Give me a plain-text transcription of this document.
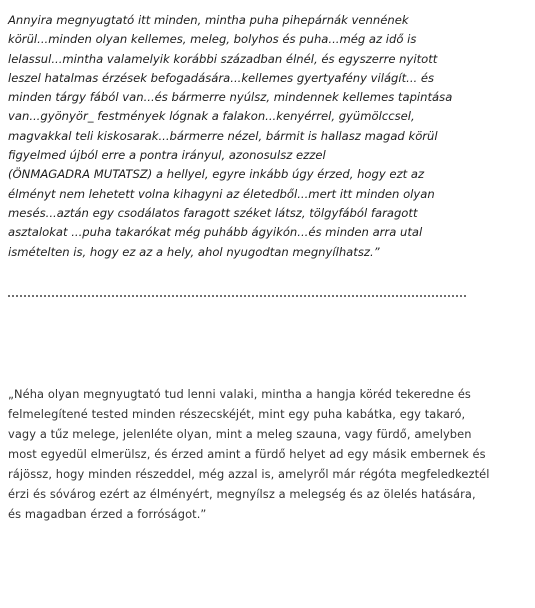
Annyira megnyugtató itt minden, mintha puha pihepárnák vennének
körül...minden olyan kellemes, meleg, bolyhos és puha...még az idő is
lelassul...mintha valamelyik korábbi században élnél, és egyszerre nyitott
leszel hatalmas érzések befogadására...kellemes gyertyafény világít... és
minden tárgy fából van...és bármerre nyúlsz, mindennek kellemes tapintása
van...gyönyör_ festmények lógnak a falakon...kenyérrel, gyümölccsel,
magvakkal teli kiskosarak...bármerre nézel, bármit is hallasz magad körül
figyelmed újból erre a pontra irányul, azonosulsz ezzel
(ÖNMAGADRA MUTATSZ) a hellyel, egyre inkább úgy érzed, hogy ezt az
élményt nem lehetett volna kihagyni az életedből...mert itt minden olyan
mesés...aztán egy csodálatos faragott széket látsz, tölgyfából faragott
asztalokat ...puha takarókat még puhább ágyikón...és minden arra utal
ismételten is, hogy ez az a hely, ahol nyugodtan megnyílhatsz.”
„Néha olyan megnyugtató tud lenni valaki, mintha a hangja köréd tekeredne és
felmelegítené tested minden részecskéjét, mint egy puha kabátka, egy takaró,
vagy a tűz melege, jelenléte olyan, mint a meleg szauna, vagy fürdő, amelyben
most egyedül elmerülsz, és érzed amint a fürdő helyet ad egy másik embernek és
rájössz, hogy minden részeddel, még azzal is, amelyről már régóta megfeledkeztél
érzi és sóvárog ezért az élményért, megnyílsz a melegség és az ölelés hatására,
és magadban érzed a forróságot.”
